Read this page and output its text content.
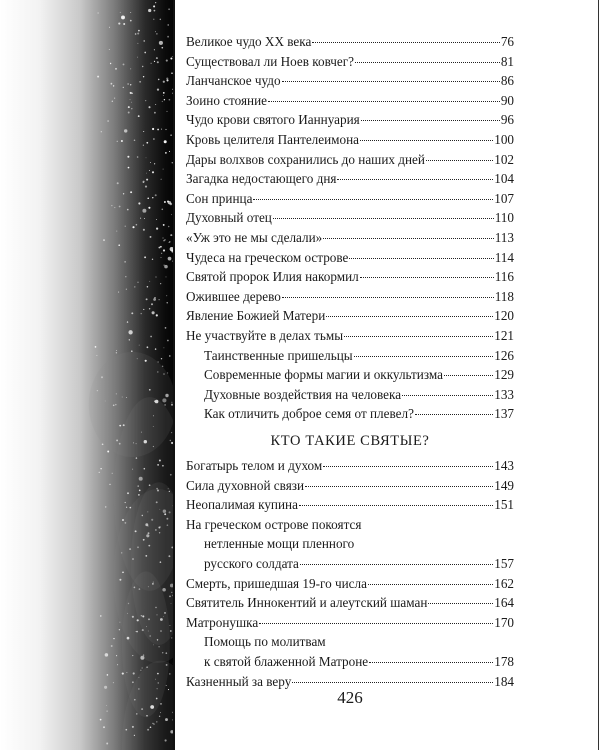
Великое чудо XX века	76
Существовал ли Ноев ковчег?	81
Ланчанское чудо	86
Зоино стояние	90
Чудо крови святого Ианнуария	96
Кровь целителя Пантелеимона	100
Дары волхвов сохранились до наших дней	102
Загадка недостающего дня	104
Сон принца	107
Духовный отец	110
«Уж это не мы сделали»	113
Чудеса на греческом острове	114
Святой пророк Илия накормил	116
Ожившее дерево	118
Явление Божией Матери	120
Не участвуйте в делах тьмы	121
Таинственные пришельцы	126
Современные формы магии и оккультизма	129
Духовные воздействия на человека	133
Как отличить доброе семя от плевел?	137
КТО ТАКИЕ СВЯТЫЕ?
Богатырь телом и духом	143
Сила духовной связи	149
Неопалимая купина	151
На греческом острове покоятся
нетленные мощи пленного
русского солдата	157
Смерть, пришедшая 19-го числа	162
Святитель Иннокентий и алеутский шаман	164
Матронушка	170
Помощь по молитвам
к святой блаженной Матроне	178
Казненный за веру	184
426
